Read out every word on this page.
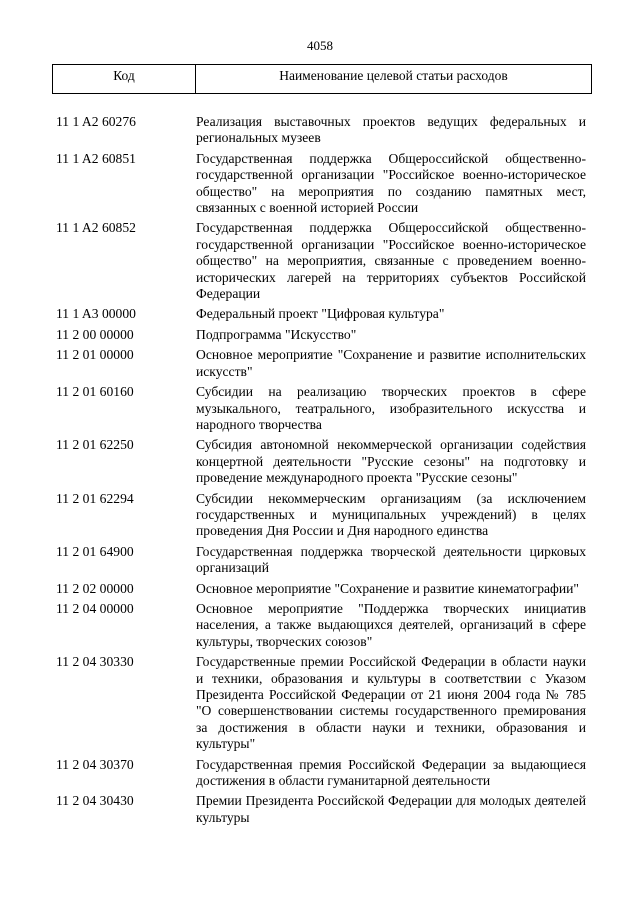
4058
Код	Наименование целевой статьи расходов
11 1 A2 60276	Реализация выставочных проектов ведущих федеральных и региональных музеев
11 1 A2 60851	Государственная поддержка Общероссийской общественно-государственной организации "Российское военно-историческое общество" на мероприятия по созданию памятных мест, связанных с военной историей России
11 1 A2 60852	Государственная поддержка Общероссийской общественно-государственной организации "Российское военно-историческое общество" на мероприятия, связанные с проведением военно-исторических лагерей на территориях субъектов Российской Федерации
11 1 A3 00000	Федеральный проект "Цифровая культура"
11 2 00 00000	Подпрограмма "Искусство"
11 2 01 00000	Основное мероприятие "Сохранение и развитие исполнительских искусств"
11 2 01 60160	Субсидии на реализацию творческих проектов в сфере музыкального, театрального, изобразительного искусства и народного творчества
11 2 01 62250	Субсидия автономной некоммерческой организации содействия концертной деятельности "Русские сезоны" на подготовку и проведение международного проекта "Русские сезоны"
11 2 01 62294	Субсидии некоммерческим организациям (за исключением государственных и муниципальных учреждений) в целях проведения Дня России и Дня народного единства
11 2 01 64900	Государственная поддержка творческой деятельности цирковых организаций
11 2 02 00000	Основное мероприятие "Сохранение и развитие кинематографии"
11 2 04 00000	Основное мероприятие "Поддержка творческих инициатив населения, а также выдающихся деятелей, организаций в сфере культуры, творческих союзов"
11 2 04 30330	Государственные премии Российской Федерации в области науки и техники, образования и культуры в соответствии с Указом Президента Российской Федерации от 21 июня 2004 года № 785 "О совершенствовании системы государственного премирования за достижения в области науки и техники, образования и культуры"
11 2 04 30370	Государственная премия Российской Федерации за выдающиеся достижения в области гуманитарной деятельности
11 2 04 30430	Премии Президента Российской Федерации для молодых деятелей культуры
